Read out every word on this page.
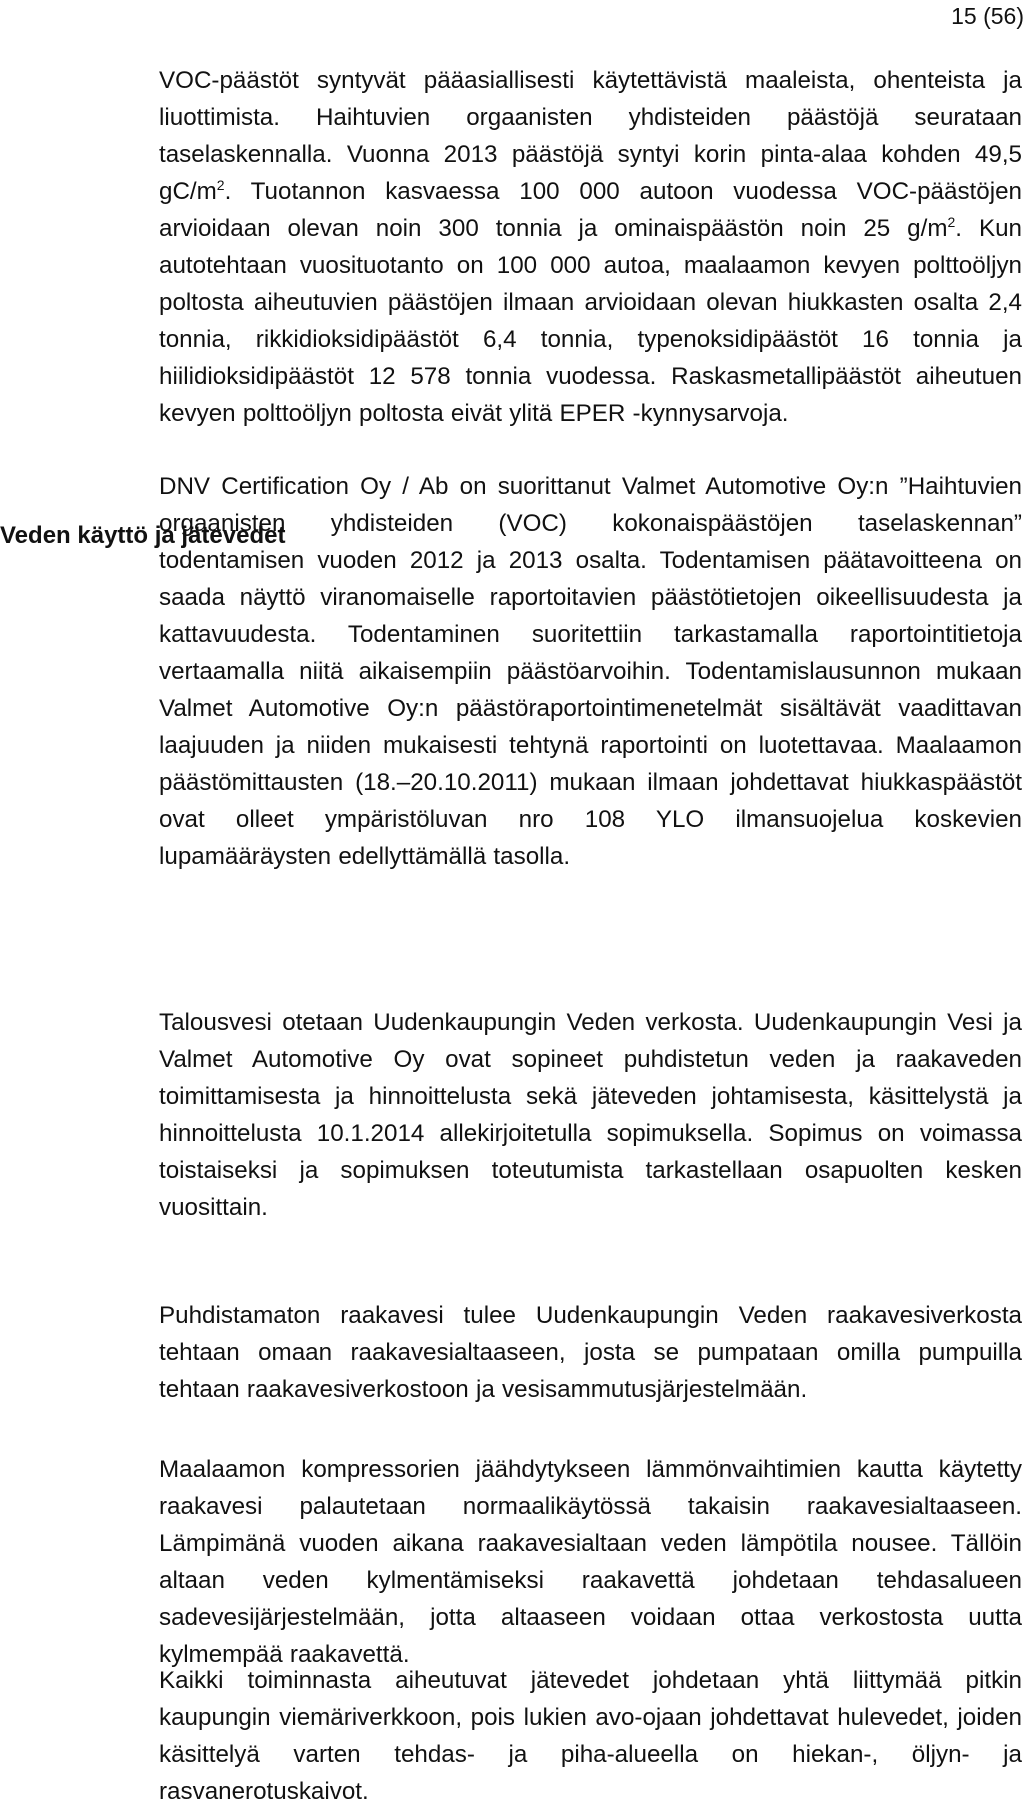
15 (56)
VOC-päästöt syntyvät pääasiallisesti käytettävistä maaleista, ohenteista ja liuottimista. Haihtuvien orgaanisten yhdisteiden päästöjä seurataan taselaskennalla. Vuonna 2013 päästöjä syntyi korin pinta-alaa kohden 49,5 $gC/m^2$. Tuotannon kasvaessa 100 000 autoon vuodessa VOC-päästöjen arvioidaan olevan noin 300 tonnia ja ominaispäästön noin 25 $g/m^2$. Kun autotehtaan vuosituotanto on 100 000 autoa, maalaamon kevyen polttoöljyn poltosta aiheutuvien päästöjen ilmaan arvioidaan olevan hiukkasten osalta 2,4 tonnia, rikkidioksidipäästöt 6,4 tonnia, typenoksidipäästöt 16 tonnia ja hiilidioksidipäästöt 12 578 tonnia vuodessa. Raskasmetallipäästöt aiheutuen kevyen polttoöljyn poltosta eivät ylitä EPER -kynnysarvoja.
DNV Certification Oy / Ab on suorittanut Valmet Automotive Oy:n ”Haihtuvien orgaanisten yhdisteiden (VOC) kokonaispäästöjen taselaskennan” todentamisen vuoden 2012 ja 2013 osalta. Todentamisen päätavoitteena on saada näyttö viranomaiselle raportoitavien päästötietojen oikeellisuudesta ja kattavuudesta. Todentaminen suoritettiin tarkastamalla raportointitietoja vertaamalla niitä aikaisempiin päästöarvoihin. Todentamislausunnon mukaan Valmet Automotive Oy:n päästöraportointimenetelmät sisältävät vaadittavan laajuuden ja niiden mukaisesti tehtynä raportointi on luotettavaa. Maalaamon päästömittausten (18.–20.10.2011) mukaan ilmaan johdettavat hiukkaspäästöt ovat olleet ympäristöluvan nro 108 YLO ilmansuojelua koskevien lupamääräysten edellyttämällä tasolla.
Veden käyttö ja jätevedet
Talousvesi otetaan Uudenkaupungin Veden verkosta. Uudenkaupungin Vesi ja Valmet Automotive Oy ovat sopineet puhdistetun veden ja raakaveden toimittamisesta ja hinnoittelusta sekä jäteveden johtamisesta, käsittelystä ja hinnoittelusta 10.1.2014 allekirjoitetulla sopimuksella. Sopimus on voimassa toistaiseksi ja sopimuksen toteutumista tarkastellaan osapuolten kesken vuosittain.
Puhdistamaton raakavesi tulee Uudenkaupungin Veden raakavesiverkosta tehtaan omaan raakavesialtaaseen, josta se pumpataan omilla pumpuilla tehtaan raakavesiverkostoon ja vesisammutusjärjestelmään.
Maalaamon kompressorien jäähdytykseen lämmönvaihtimien kautta käytetty raakavesi palautetaan normaalikäytössä takaisin raakavesialtaaseen. Lämpimänä vuoden aikana raakavesialtaan veden lämpötila nousee. Tällöin altaan veden kylmentämiseksi raakavettä johdetaan tehdasalueen sadevesijärjestelmään, jotta altaaseen voidaan ottaa verkostosta uutta kylmempää raakavettä.
Kaikki toiminnasta aiheutuvat jätevedet johdetaan yhtä liittymää pitkin kaupungin viemäriverkkoon, pois lukien avo-ojaan johdettavat hulevedet, joiden käsittelyä varten tehdas- ja piha-alueella on hiekan-, öljyn- ja rasvanerotuskaivot.
